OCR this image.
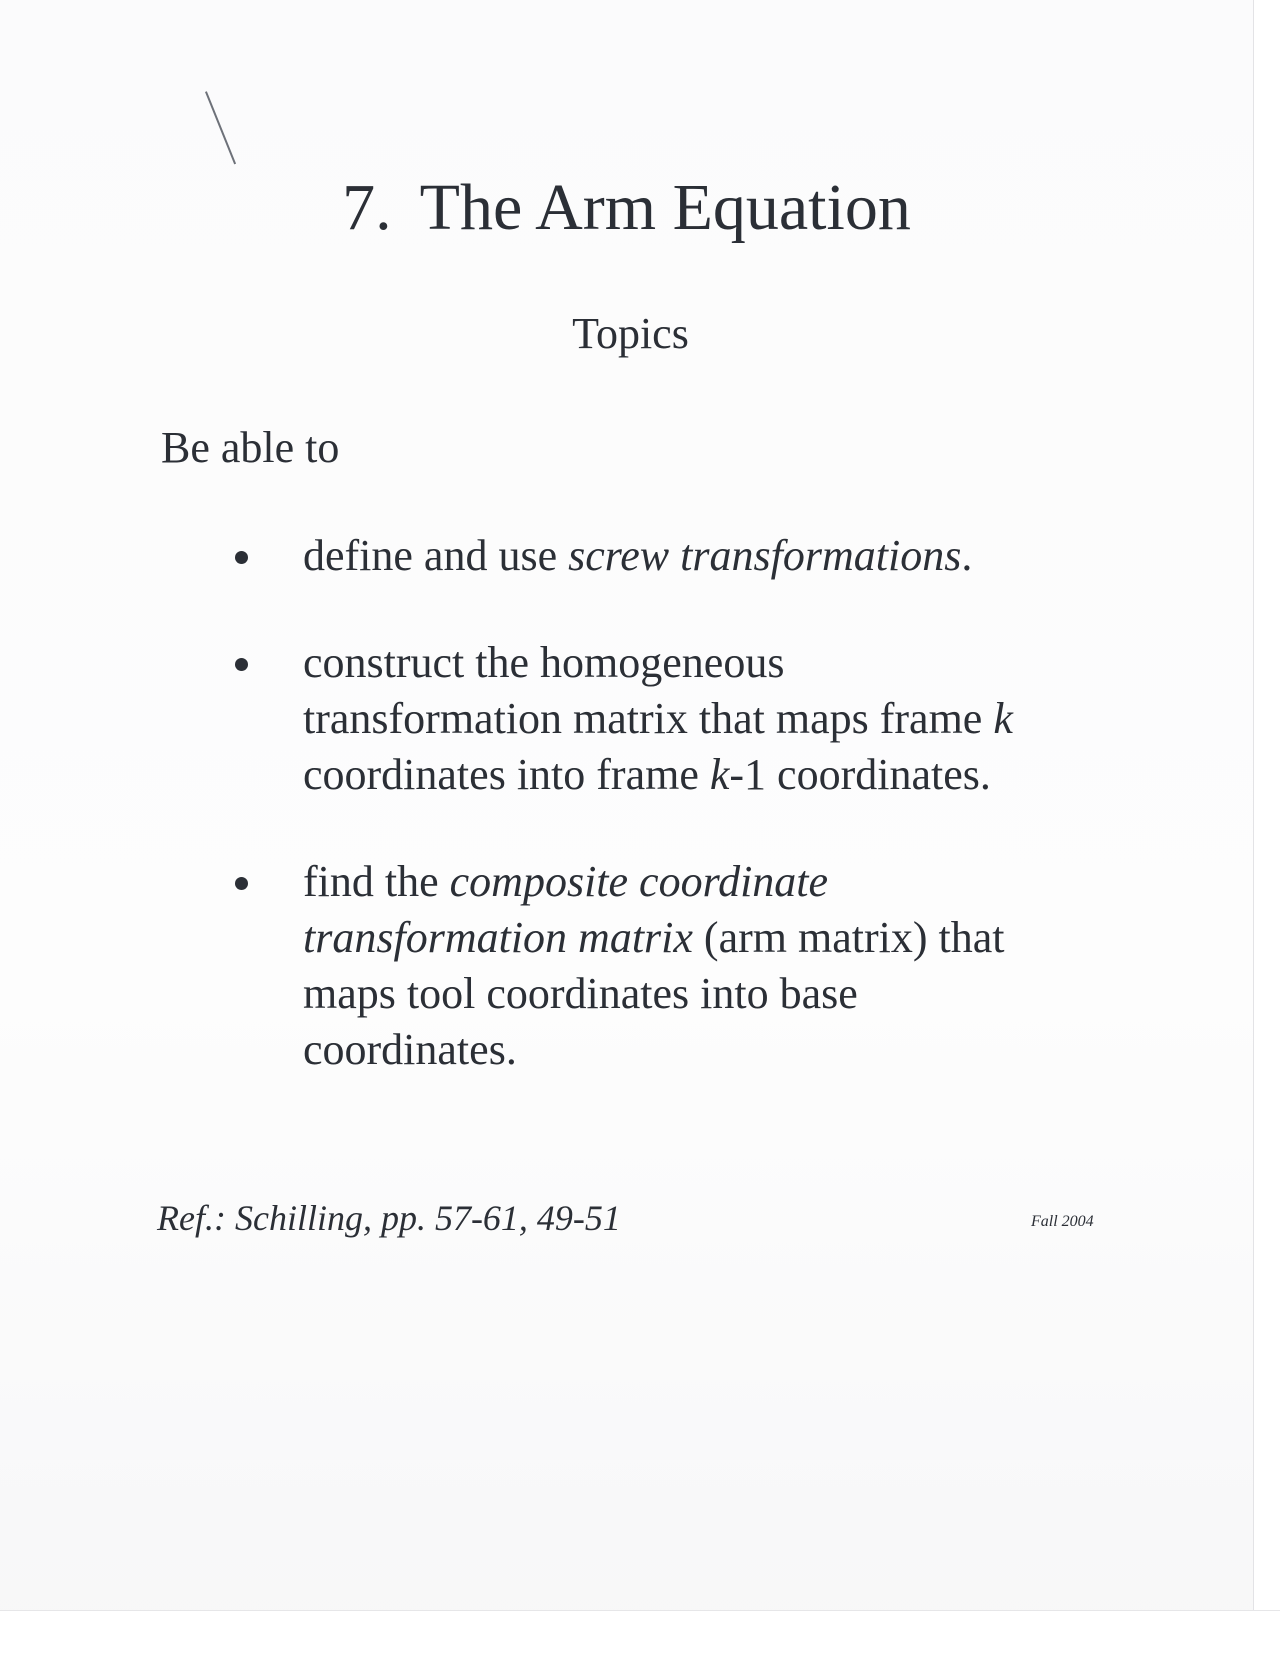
7. The Arm Equation
Topics
Be able to
define and use screw transformations.
construct the homogeneous
transformation matrix that maps frame k
coordinates into frame k-1 coordinates.
find the composite coordinate
transformation matrix (arm matrix) that
maps tool coordinates into base
coordinates.
Ref.: Schilling, pp. 57-61, 49-51	Fall 2004
